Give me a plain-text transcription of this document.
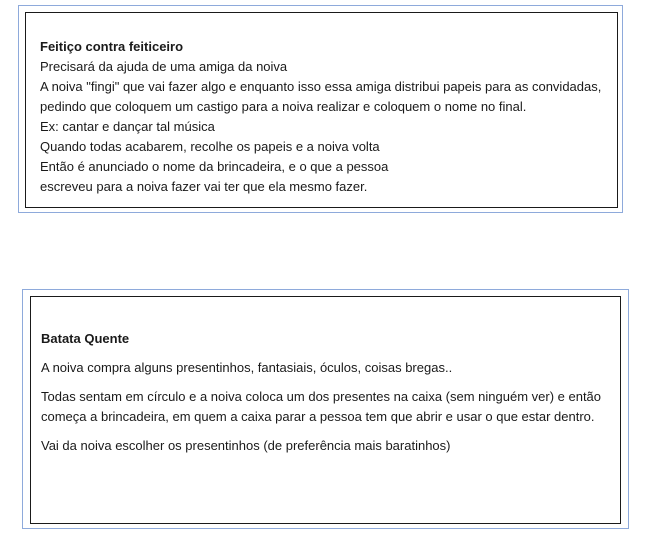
Feitiço contra feiticeiro
Precisará da ajuda de uma amiga da noiva
A noiva "fingi" que vai fazer algo e enquanto isso essa amiga distribui papeis para as convidadas,
pedindo que coloquem um castigo para a noiva realizar e coloquem o nome no final.
Ex: cantar e dançar tal música
Quando todas acabarem, recolhe os papeis e a noiva volta
Então é anunciado o nome da brincadeira, e o que a pessoa
escreveu para a noiva fazer vai ter que ela mesmo fazer.
Batata Quente
A noiva compra alguns presentinhos, fantasiais, óculos, coisas bregas..
Todas sentam em círculo e a noiva coloca um dos presentes na caixa (sem ninguém ver) e então começa a brincadeira, em quem a caixa parar a pessoa tem que abrir e usar o que estar dentro.
Vai da noiva escolher os presentinhos (de preferência mais baratinhos)
